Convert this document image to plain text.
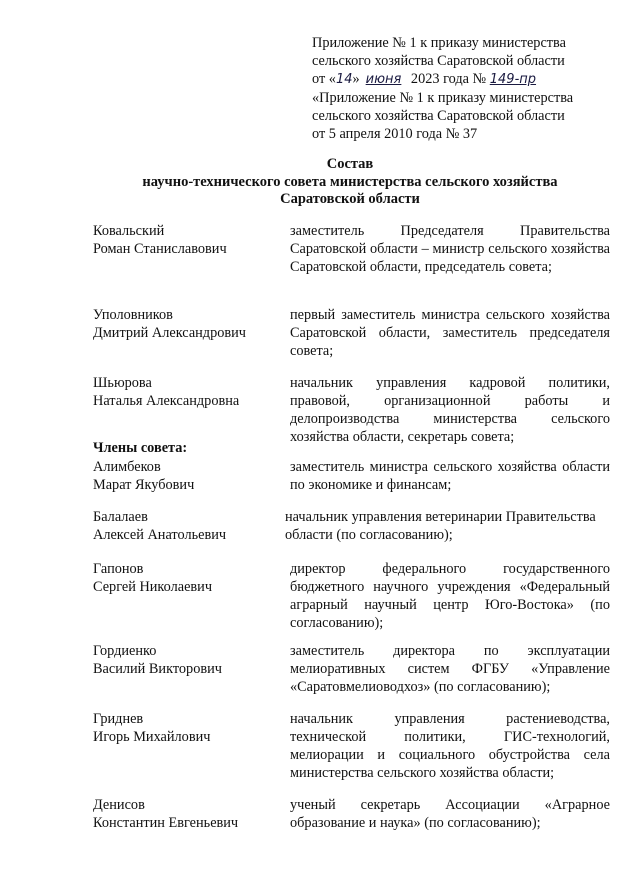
Приложение № 1 к приказу министерства
сельского хозяйства Саратовской области
от «14» июня 2023 года № 149-пр
«Приложение № 1 к приказу министерства
сельского хозяйства Саратовской области
от 5 апреля 2010 года № 37
Состав
научно-технического совета министерства сельского хозяйства
Саратовской области
Ковальский
Роман Станиславович
заместитель Председателя Правительства Саратовской области – министр сельского хозяйства Саратовской области, председатель совета;
Уполовников
Дмитрий Александрович
первый заместитель министра сельского хозяйства Саратовской области, заместитель председателя совета;
Шьюрова
Наталья Александровна
начальник управления кадровой политики, правовой, организационной работы и делопроизводства министерства сельского хозяйства области, секретарь совета;
Члены совета:
Алимбеков
Марат Якубович
заместитель министра сельского хозяйства области по экономике и финансам;
Балалаев
Алексей Анатольевич
начальник управления ветеринарии Правительства области (по согласованию);
Гапонов
Сергей Николаевич
директор федерального государственного бюджетного научного учреждения «Федеральный аграрный научный центр Юго-Востока» (по согласованию);
Гордиенко
Василий Викторович
заместитель директора по эксплуатации мелиоративных систем ФГБУ «Управление «Саратовмелиоводхоз» (по согласованию);
Гриднев
Игорь Михайлович
начальник управления растениеводства, технической политики, ГИС-технологий, мелиорации и социального обустройства села министерства сельского хозяйства области;
Денисов
Константин Евгеньевич
ученый секретарь Ассоциации «Аграрное образование и наука» (по согласованию);
